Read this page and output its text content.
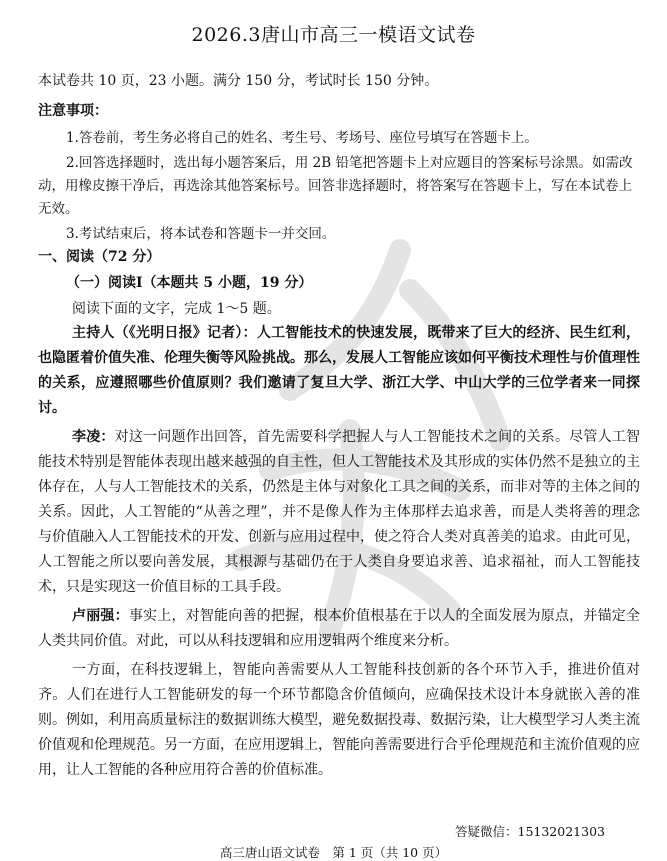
2026.3唐山市高三一模语文试卷
本试卷共 10 页，23 小题。满分 150 分，考试时长 150 分钟。
注意事项：

1.答卷前，考生务必将自己的姓名、考生号、考场号、座位号填写在答题卡上。

2.回答选择题时，选出每小题答案后，用 2B 铅笔把答题卡上对应题目的答案标号涂黑。如需改动，用橡皮擦干净后，再选涂其他答案标号。回答非选择题时，将答案写在答题卡上，写在本试卷上无效。

3.考试结束后，将本试卷和答题卡一并交回。

一、阅读（72 分）
（一）阅读Ⅰ（本题共 5 小题，19 分）
阅读下面的文字，完成 1～5 题。

主持人（《光明日报》记者）：人工智能技术的快速发展，既带来了巨大的经济、民生红利，也隐匿着价值失准、伦理失衡等风险挑战。那么，发展人工智能应该如何平衡技术理性与价值理性的关系，应遵照哪些价值原则？我们邀请了复旦大学、浙江大学、中山大学的三位学者来一同探讨。

李凌：对这一问题作出回答，首先需要科学把握人与人工智能技术之间的关系。尽管人工智能技术特别是智能体表现出越来越强的自主性，但人工智能技术及其形成的实体仍然不是独立的主体存在，人与人工智能技术的关系，仍然是主体与对象化工具之间的关系，而非对等的主体之间的关系。因此，人工智能的“从善之理”，并不是像人作为主体那样去追求善，而是人类将善的理念与价值融入人工智能技术的开发、创新与应用过程中，使之符合人类对真善美的追求。由此可见，人工智能之所以要向善发展，其根源与基础仍在于人类自身要追求善、追求福祉，而人工智能技术，只是实现这一价值目标的工具手段。

卢丽强：事实上，对智能向善的把握，根本价值根基在于以人的全面发展为原点，并锚定全人类共同价值。对此，可以从科技逻辑和应用逻辑两个维度来分析。

一方面，在科技逻辑上，智能向善需要从人工智能科技创新的各个环节入手，推进价值对齐。人们在进行人工智能研发的每一个环节都隐含价值倾向，应确保技术设计本身就嵌入善的准则。例如，利用高质量标注的数据训练大模型，避免数据投毒、数据污染，让大模型学习人类主流价值观和伦理规范。另一方面，在应用逻辑上，智能向善需要进行合乎伦理规范和主流价值观的应用，让人工智能的各种应用符合善的价值标准。

答疑微信：15132021303
高三唐山语文试卷　第 1 页（共 10 页）
